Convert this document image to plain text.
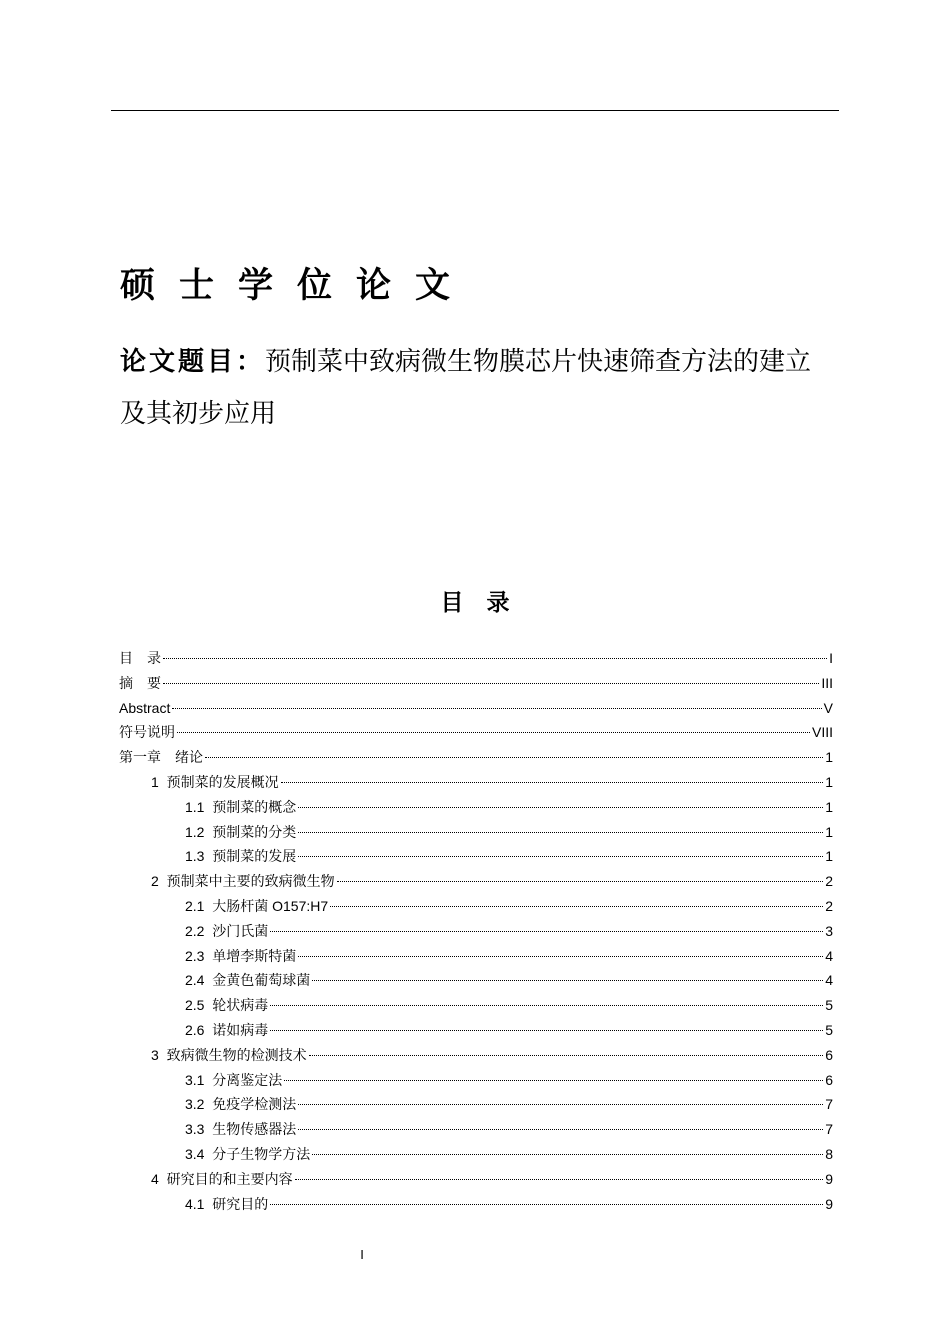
硕士学位论文
论文题目：预制菜中致病微生物膜芯片快速筛查方法的建立及其初步应用
目　录
目　录	I
摘　要	III
Abstract	V
符号说明	VIII
第一章　绪论	1
1  预制菜的发展概况	1
1.1  预制菜的概念	1
1.2  预制菜的分类	1
1.3  预制菜的发展	1
2  预制菜中主要的致病微生物	2
2.1  大肠杆菌 O157:H7	2
2.2  沙门氏菌	3
2.3  单增李斯特菌	4
2.4  金黄色葡萄球菌	4
2.5  轮状病毒	5
2.6  诺如病毒	5
3  致病微生物的检测技术	6
3.1  分离鉴定法	6
3.2  免疫学检测法	7
3.3  生物传感器法	7
3.4  分子生物学方法	8
4  研究目的和主要内容	9
4.1  研究目的	9
I
